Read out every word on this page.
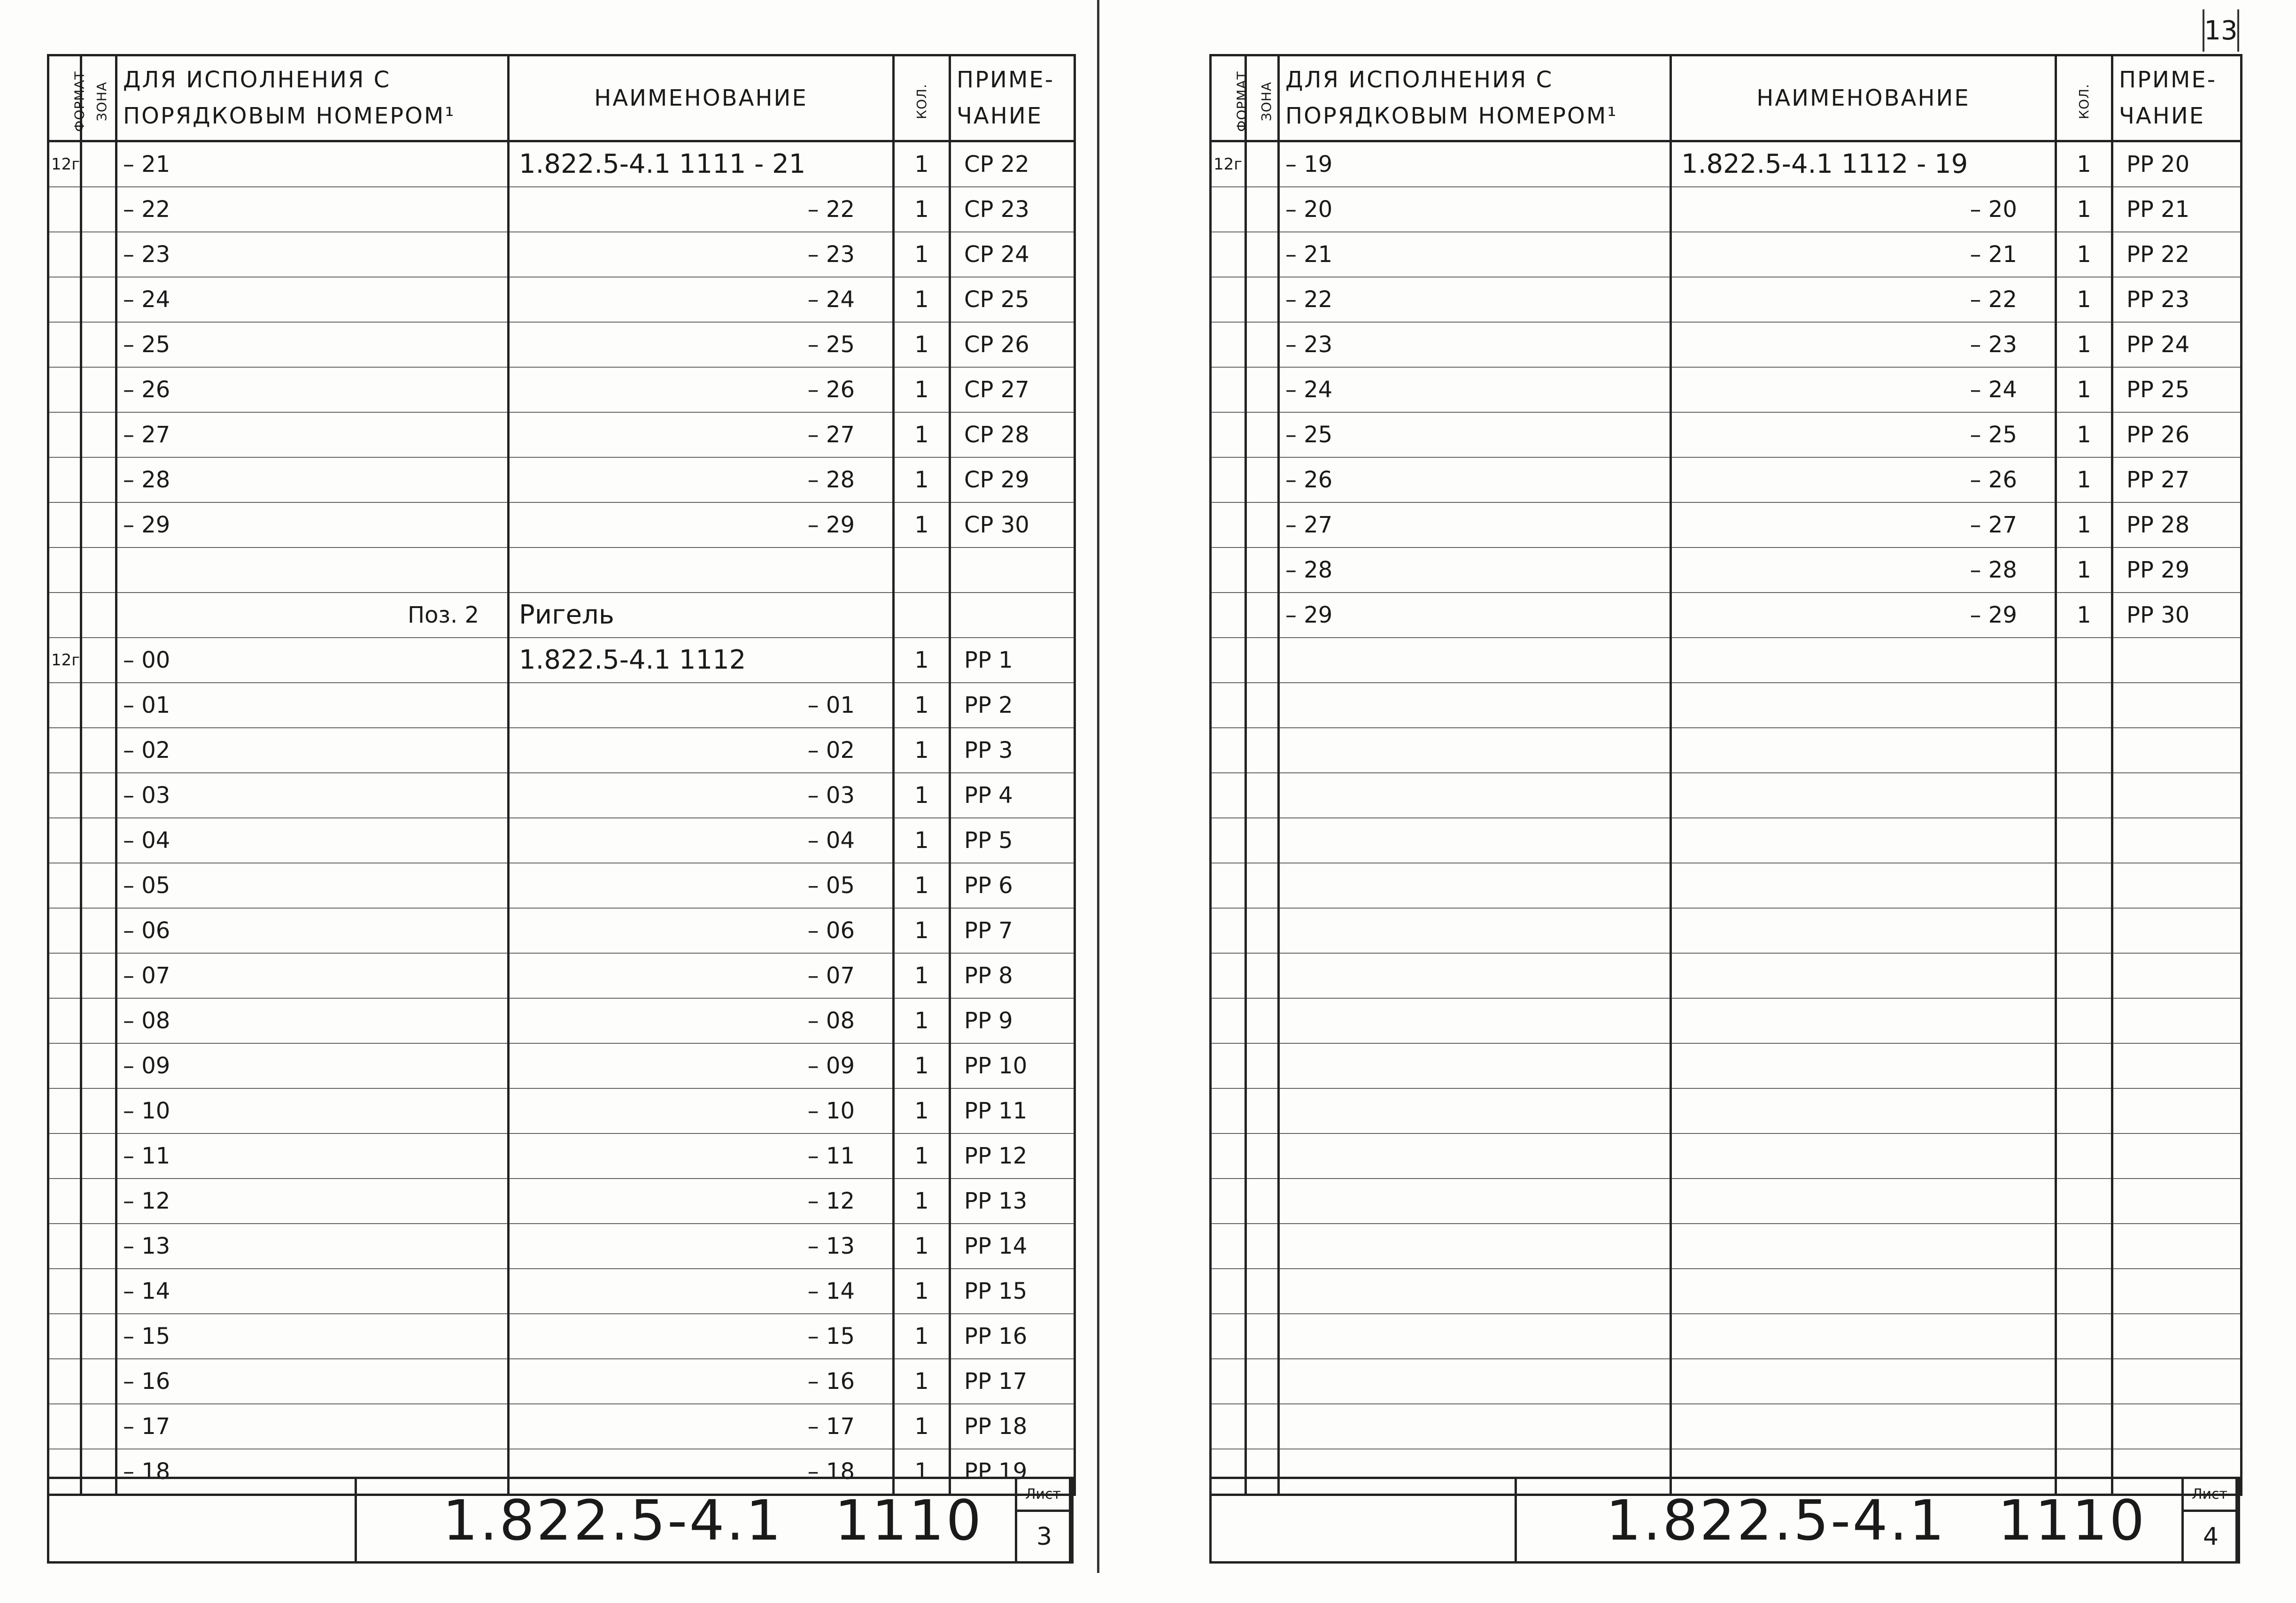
13
ФОРМАТ	ЗОНА	ДЛЯ ИСПОЛНЕНИЯ С ПОРЯДКОВЫМ НОМЕРОМ¹	НАИМЕНОВАНИЕ	КОЛ.	ПРИМЕ-ЧАНИЕ

12г		– 21	1.822.5-4.1 1111 - 21	1	СР 22
		– 22	– 22	1	СР 23
		– 23	– 23	1	СР 24
		– 24	– 24	1	СР 25
		– 25	– 25	1	СР 26
		– 26	– 26	1	СР 27
		– 27	– 27	1	СР 28
		– 28	– 28	1	СР 29
		– 29	– 29	1	СР 30

		Поз. 2	Ригель		
12г		– 00	1.822.5-4.1 1112	1	РР 1
		– 01	– 01	1	РР 2
		– 02	– 02	1	РР 3
		– 03	– 03	1	РР 4
		– 04	– 04	1	РР 5
		– 05	– 05	1	РР 6
		– 06	– 06	1	РР 7
		– 07	– 07	1	РР 8
		– 08	– 08	1	РР 9
		– 09	– 09	1	РР 10
		– 10	– 10	1	РР 11
		– 11	– 11	1	РР 12
		– 12	– 12	1	РР 13
		– 13	– 13	1	РР 14
		– 14	– 14	1	РР 15
		– 15	– 15	1	РР 16
		– 16	– 16	1	РР 17
		– 17	– 17	1	РР 18
		– 18	– 18	1	РР 19
1.822.5-4.1 1110	Лист
3
ФОРМАТ	ЗОНА	ДЛЯ ИСПОЛНЕНИЯ С ПОРЯДКОВЫМ НОМЕРОМ¹	НАИМЕНОВАНИЕ	КОЛ.	ПРИМЕ-ЧАНИЕ

12г		– 19	1.822.5-4.1 1112 - 19	1	РР 20
		– 20	– 20	1	РР 21
		– 21	– 21	1	РР 22
		– 22	– 22	1	РР 23
		– 23	– 23	1	РР 24
		– 24	– 24	1	РР 25
		– 25	– 25	1	РР 26
		– 26	– 26	1	РР 27
		– 27	– 27	1	РР 28
		– 28	– 28	1	РР 29
		– 29	– 29	1	РР 30

1.822.5-4.1 1110	Лист
4
